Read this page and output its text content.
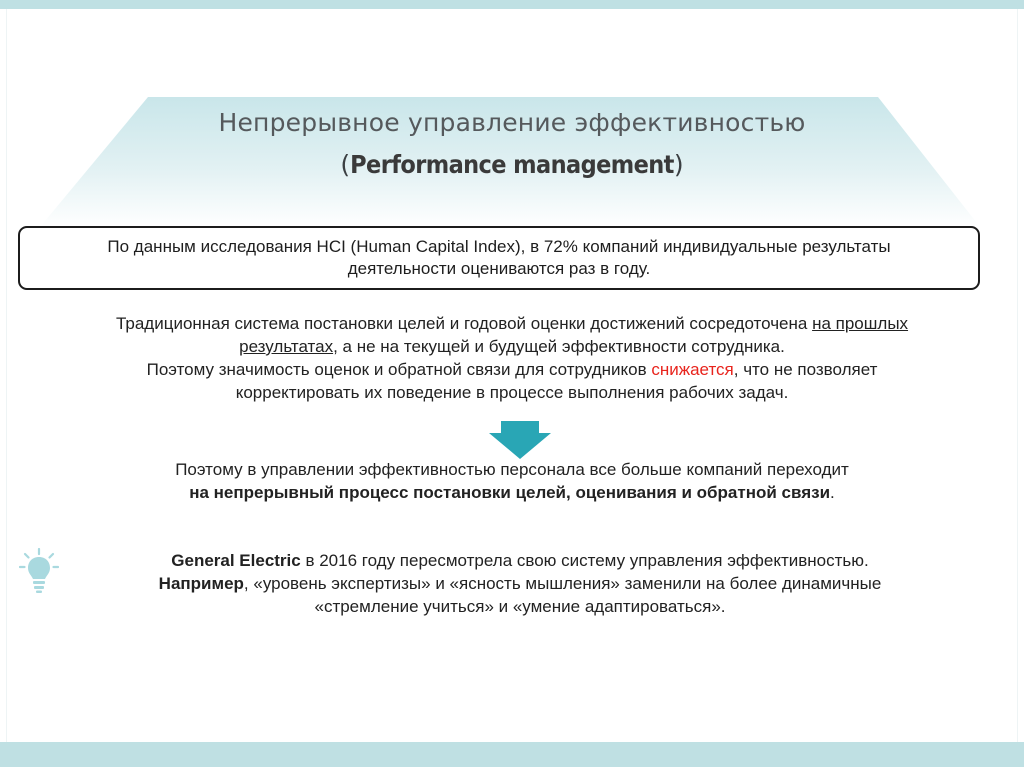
Непрерывное управление эффективностью
(Performance management)
По данным исследования HCI (Human Capital Index), в 72% компаний индивидуальные результаты
деятельности оцениваются раз в году.
Традиционная система постановки целей и годовой оценки достижений сосредоточена на прошлых
результатах, а не на текущей и будущей эффективности сотрудника.
Поэтому значимость оценок и обратной связи для сотрудников снижается, что не позволяет
корректировать их поведение в процессе выполнения рабочих задач.
Поэтому в управлении эффективностью персонала все больше компаний переходит
на непрерывный процесс постановки целей, оценивания и обратной связи.
General Electric в 2016 году пересмотрела свою систему управления эффективностью.
Например, «уровень экспертизы» и «ясность мышления» заменили на более динамичные
«стремление учиться» и «умение адаптироваться».
